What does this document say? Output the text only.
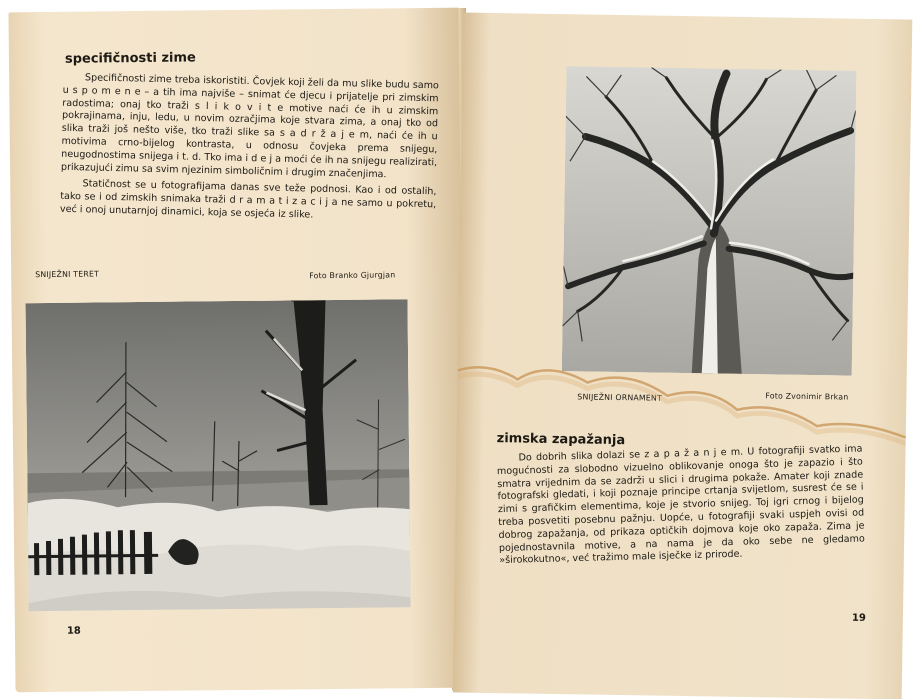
specifičnosti zime

Specifičnosti zime treba iskoristiti. Čovjek koji želi da mu slike budu samo u s p o m e n e – a tih ima najviše – snimat će djecu i prijatelje pri zimskim radostima; onaj tko traži s l i k o v i t e motive naći će ih u zimskim pokrajinama, inju, ledu, u novim ozračjima koje stvara zima, a onaj tko od slika traži još nešto više, tko traži slike sa s a d r ž a j e m, naći će ih u motivima crno-bijelog kontrasta, u odnosu čovjeka prema snijegu, neugodnostima snijega i t. d. Tko ima i d e j a moći će ih na snijegu realizirati, prikazujući zimu sa svim njezinim simboličnim i drugim značenjima.

Statičnost se u fotografijama danas sve teže podnosi. Kao i od ostalih, tako se i od zimskih snimaka traži d r a m a t i z a c i j a ne samo u pokretu, već i onoj unutarnjoj dinamici, koja se osjeća iz slike.

SNIJEŽNI TERET	Foto Branko Gjurgjan

18

SNIJEŽNI ORNAMENT	Foto Zvonimir Brkan

zimska zapažanja

Do dobrih slika dolazi se z a p a ž a n j e m. U fotografiji svatko ima mogućnosti za slobodno vizuelno oblikovanje onoga što je zapazio i što smatra vrijednim da se zadrži u slici i drugima pokaže. Amater koji znade fotografski gledati, i koji poznaje principe crtanja svijetlom, susrest će se i zimi s grafičkim elementima, koje je stvorio snijeg. Toj igri crnog i bijelog treba posvetiti posebnu pažnju. Uopće, u fotografiji svaki uspjeh ovisi od dobrog zapažanja, od prikaza optičkih dojmova koje oko zapaža. Zima je pojednostavnila motive, a na nama je da oko sebe ne gledamo »širokokutno«, već tražimo male isječke iz prirode.

19
